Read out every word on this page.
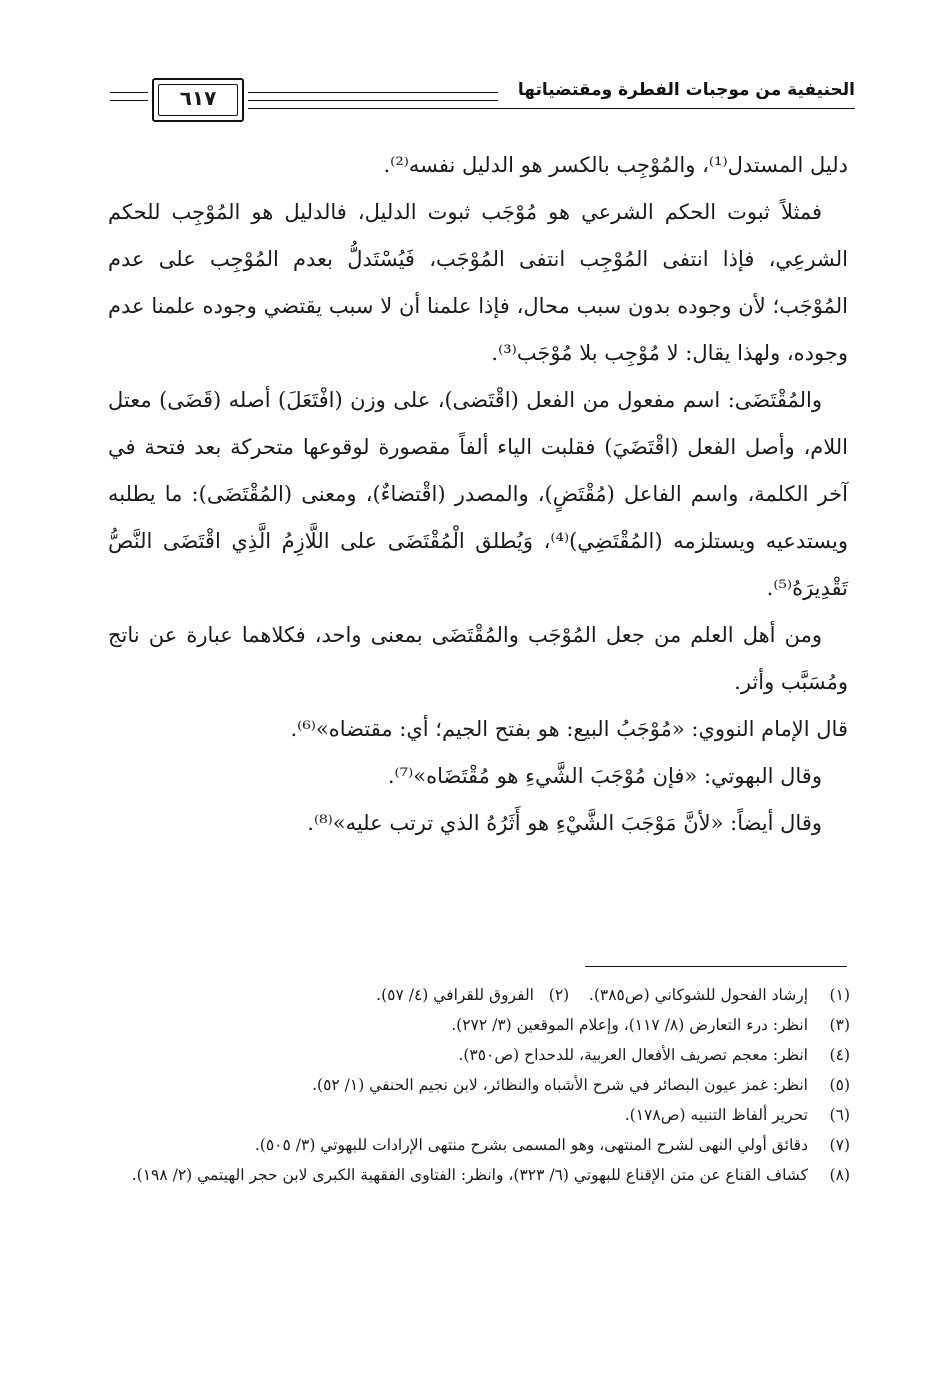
٦١٧	الحنيفية من موجبات الفطرة ومقتضياتها

دليل المستدل⁽¹⁾، والمُوْجِب بالكسر هو الدليل نفسه⁽²⁾.

فمثلاً ثبوت الحكم الشرعي هو مُوْجَب ثبوت الدليل، فالدليل هو المُوْجِب للحكم الشرعِي، فإذا انتفى المُوْجِب انتفى المُوْجَب، فَيُسْتَدلُّ بعدم المُوْجِب على عدم المُوْجَب؛ لأن وجوده بدون سبب محال، فإذا علمنا أن لا سبب يقتضي وجوده علمنا عدم وجوده، ولهذا يقال: لا مُوْجِب بلا مُوْجَب⁽³⁾.

والمُقْتَضَى: اسم مفعول من الفعل (اقْتَضى)، على وزن (افْتَعَلَ) أصله (قَضَى) معتل اللام، وأصل الفعل (اقْتَضَيَ) فقلبت الياء ألفاً مقصورة لوقوعها متحركة بعد فتحة في آخر الكلمة، واسم الفاعل (مُقْتَضٍ)، والمصدر (اقْتضاءٌ)، ومعنى (المُقْتَضَى): ما يطلبه ويستدعيه ويستلزمه (المُقْتَضِي)⁽⁴⁾، وَيُطلق الْمُقْتَضَى على اللَّازِمُ الَّذِي اقْتَضَى النَّصُّ تَقْدِيرَهُ⁽⁵⁾.

ومن أهل العلم من جعل المُوْجَب والمُقْتَضَى بمعنى واحد، فكلاهما عبارة عن ناتج ومُسَبَّب وأثر.

قال الإمام النووي: «مُوْجَبُ البيع: هو بفتح الجيم؛ أي: مقتضاه»⁽⁶⁾.

وقال البهوتي: «فإن مُوْجَبَ الشَّيءِ هو مُقْتَضَاه»⁽⁷⁾.

وقال أيضاً: «لأنَّ مَوْجَبَ الشَّيْءِ هو أَثَرُهُ الذي ترتب عليه»⁽⁸⁾.

(١)
إرشاد الفحول للشوكاني (ص٣٨٥).    (٢)   الفروق للقرافي (٤/ ٥٧).
(٣)
انظر: درء التعارض (٨/ ١١٧)، وإعلام الموقعين (٣/ ٢٧٢).
(٤)
انظر: معجم تصريف الأفعال العربية، للدحداح (ص٣٥٠).
(٥)
انظر: غمز عيون البصائر في شرح الأشباه والنظائر، لابن نجيم الحنفي (١/ ٥٢).
(٦)
تحرير ألفاظ التنبيه (ص١٧٨).
(٧)
دقائق أولي النهى لشرح المنتهى، وهو المسمى بشرح منتهى الإرادات للبهوتي (٣/ ٥٠٥).
(٨)
كشاف القناع عن متن الإقناع للبهوتي (٦/ ٣٢٣)، وانظر: الفتاوى الفقهية الكبرى لابن حجر الهيتمي (٢/ ١٩٨).
